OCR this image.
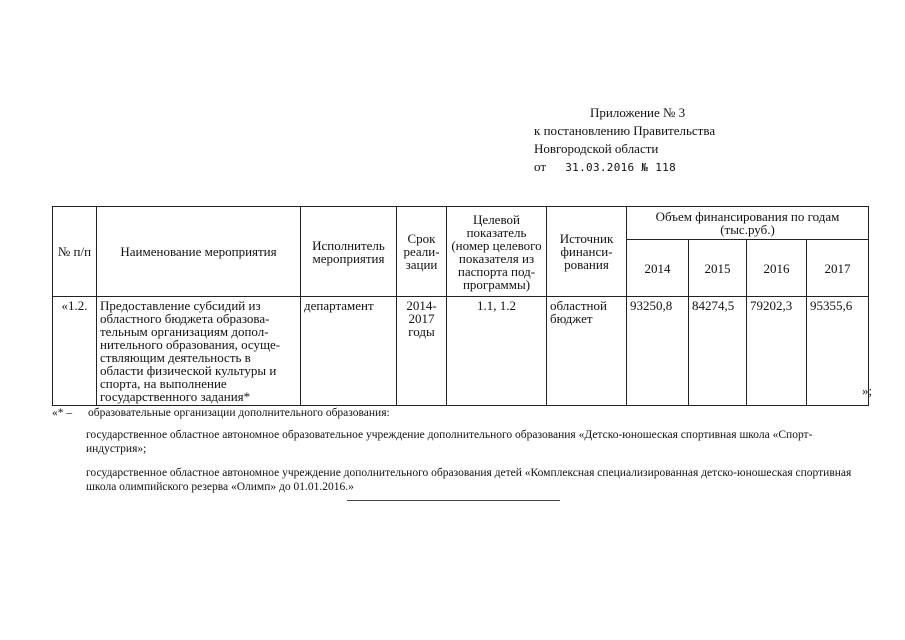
Приложение № 3
к постановлению Правительства
Новгородской области
от 31.03.2016 № 118
№ п/п	Наименование мероприятия	Исполнитель мероприятия	Срок реали-зации	Целевой показатель (номер целевого показателя из паспорта под-программы)	Источник финанси-рования	Объем финансирования по годам (тыс.руб.)			
						2014	2015	2016	2017
«1.2.	Предоставление субсидий из областного бюджета образова-тельным организациям допол-нительного образования, осуще-ствляющим деятельность в области физической культуры и спорта, на выполнение государственного задания*	департамент	2014-2017 годы	1.1, 1.2	областной бюджет	93250,8	84274,5	79202,3	95355,6
»;
«* – образовательные организации дополнительного образования:
государственное областное автономное образовательное учреждение дополнительного образования «Детско-юношеская спортивная школа «Спорт-индустрия»;
государственное областное автономное учреждение дополнительного образования детей «Комплексная специализированная детско-юношеская спортивная школа олимпийского резерва «Олимп» до 01.01.2016.»
